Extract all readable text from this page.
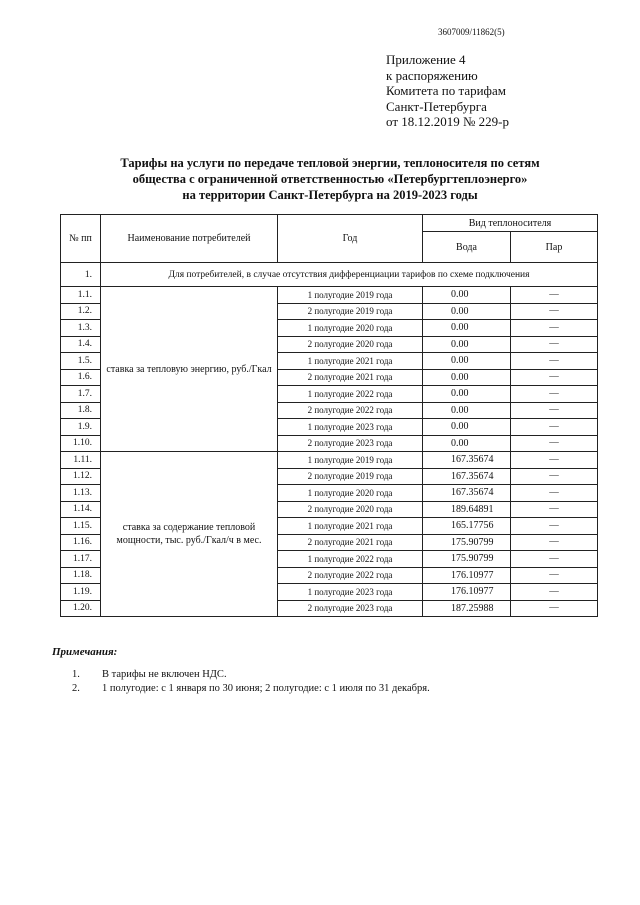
3607009/11862(5)
Приложение 4
к распоряжению
Комитета по тарифам
Санкт-Петербурга
от 18.12.2019 № 229-р
Тарифы на услуги по передаче тепловой энергии, теплоносителя по сетям
общества с ограниченной ответственностью «Петербургтеплоэнерго»
на территории Санкт-Петербурга на 2019-2023 годы
№ пп	Наименование потребителей	Год	Вид теплоносителя	
			Вода	Пар
1.	Для потребителей, в случае отсутствия дифференциации тарифов по схеме подключения			
1.1.	ставка за тепловую энергию, руб./Гкал	1 полугодие 2019 года	0.00	—
1.2.		2 полугодие 2019 года	0.00	—
1.3.		1 полугодие 2020 года	0.00	—
1.4.		2 полугодие 2020 года	0.00	—
1.5.		1 полугодие 2021 года	0.00	—
1.6.		2 полугодие 2021 года	0.00	—
1.7.		1 полугодие 2022 года	0.00	—
1.8.		2 полугодие 2022 года	0.00	—
1.9.		1 полугодие 2023 года	0.00	—
1.10.		2 полугодие 2023 года	0.00	—
1.11.	ставка за содержание тепловой мощности, тыс. руб./Гкал/ч в мес.	1 полугодие 2019 года	167.35674	—
1.12.		2 полугодие 2019 года	167.35674	—
1.13.		1 полугодие 2020 года	167.35674	—
1.14.		2 полугодие 2020 года	189.64891	—
1.15.		1 полугодие 2021 года	165.17756	—
1.16.		2 полугодие 2021 года	175.90799	—
1.17.		1 полугодие 2022 года	175.90799	—
1.18.		2 полугодие 2022 года	176.10977	—
1.19.		1 полугодие 2023 года	176.10977	—
1.20.		2 полугодие 2023 года	187.25988	—
Примечания:
1.	В тарифы не включен НДС.
2.	1 полугодие: с 1 января по 30 июня; 2 полугодие: с 1 июля по 31 декабря.
